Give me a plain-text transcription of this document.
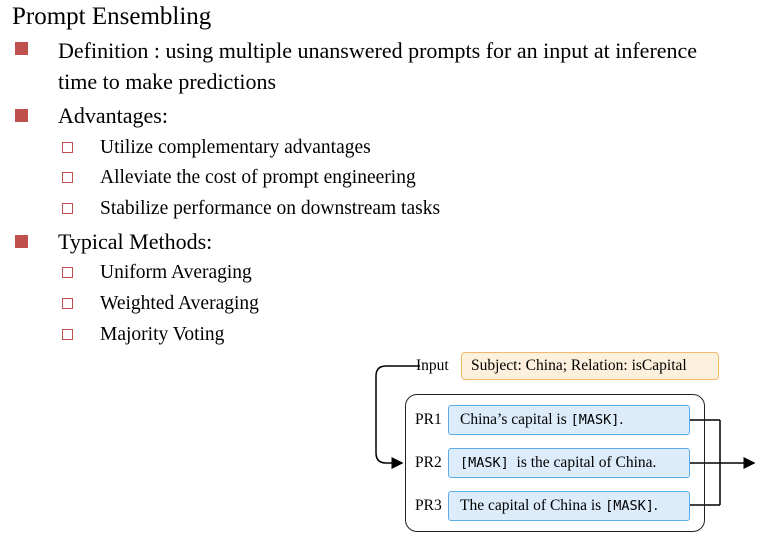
Prompt Ensembling
Definition : using multiple unanswered prompts for an input at inference
time to make predictions
Advantages:
Utilize complementary advantages
Alleviate the cost of prompt engineering
Stabilize performance on downstream tasks
Typical Methods:
Uniform Averaging
Weighted Averaging
Majority Voting
Input	Subject: China; Relation: isCapital
PR1	China’s capital is [MASK].
PR2	[MASK]  is the capital of China.
PR3	The capital of China is [MASK].
